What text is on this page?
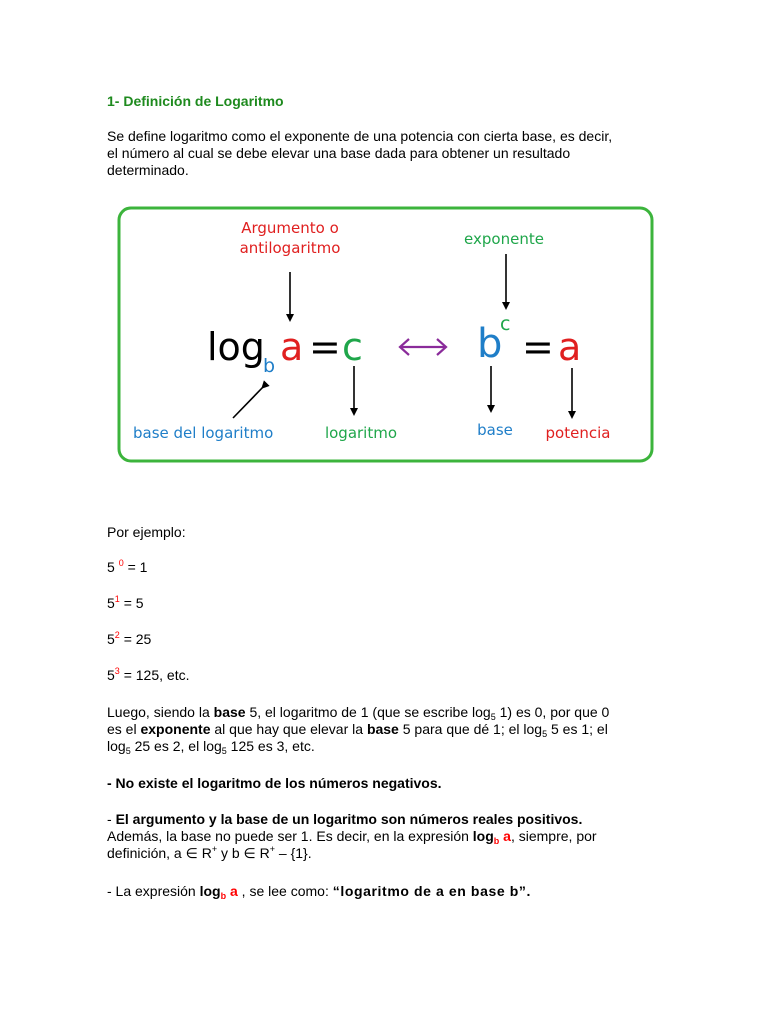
1- Definición de Logaritmo
Se define logaritmo como el exponente de una potencia con cierta base, es decir,
el número al cual se debe elevar una base dada para obtener un resultado
determinado.
Argumento o
antilogaritmo	exponente
log
b a = c	b
c
= a
base del logaritmo	logaritmo	base potencia
Por ejemplo:
5 $^0$ = 1
$5^1 = 5$
$5^2 = 25$
$5^3 = 125$, etc.
Luego, siendo la base 5, el logaritmo de 1 (que se escribe $\log_5 1$) es 0, por que 0
es el exponente al que hay que elevar la base 5 para que dé 1; el $\log_5 5$ es 1; el
$\log_5 25$ es 2, el $\log_5 125$ es 3, etc.
- No existe el logaritmo de los números negativos.
- El argumento y la base de un logaritmo son números reales positivos.
Además, la base no puede ser 1. Es decir, en la expresión $\log_b a$, siempre, por
definición, a ∈ R+ y b ∈ R+ – {1}.
- La expresión $\log_b a$ , se lee como: “logaritmo de a en base b”.
